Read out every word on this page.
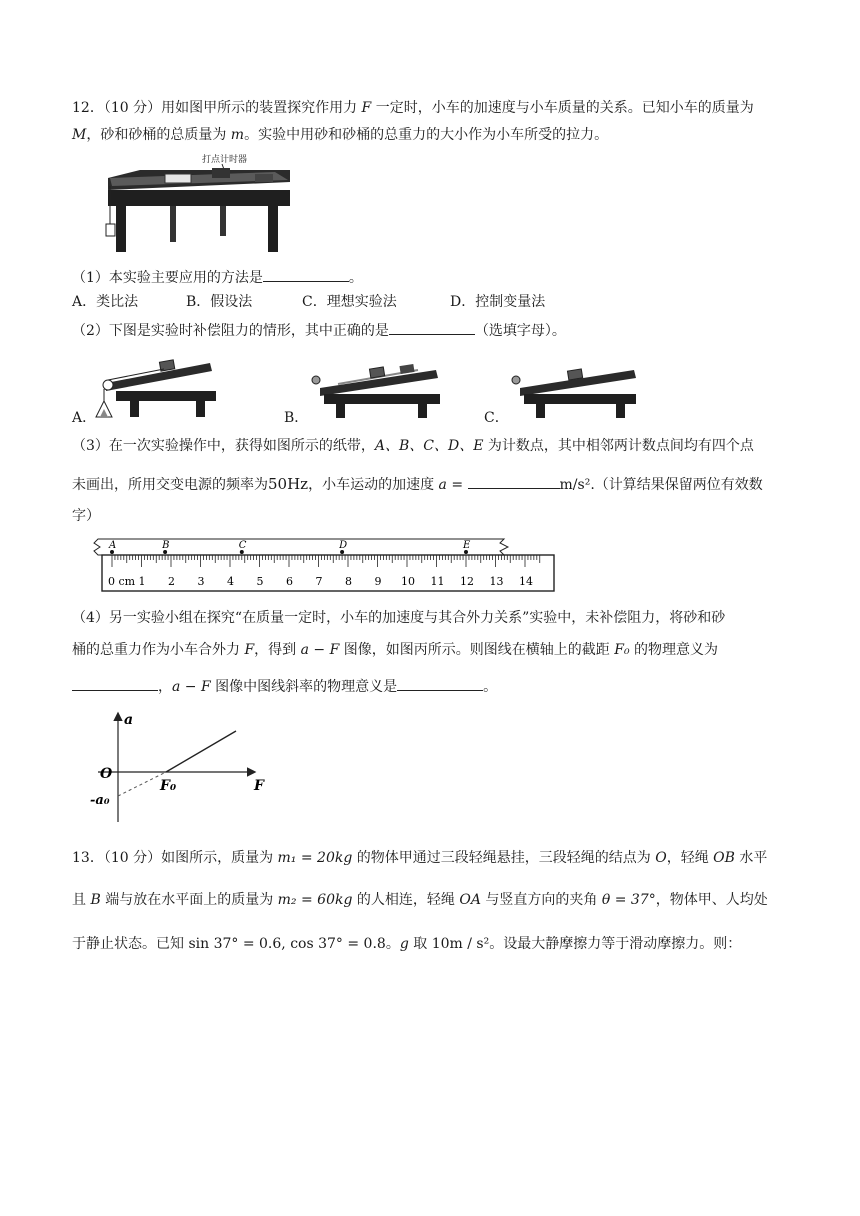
12．（10 分）用如图甲所示的装置探究作用力 F 一定时，小车的加速度与小车质量的关系。已知小车的质量为
M，砂和砂桶的总质量为 m。实验中用砂和砂桶的总重力的大小作为小车所受的拉力。
打点计时器
（1）本实验主要应用的方法是	。
A．类比法	B．假设法	C．理想实验法	D．控制变量法
（2）下图是实验时补偿阻力的情形，其中正确的是	（选填字母）。
A．	B．	C．
（3）在一次实验操作中，获得如图所示的纸带，A、B、C、D、E 为计数点，其中相邻两计数点间均有四个点
未画出，所用交变电源的频率为50Hz，小车运动的加速度 a =	m/s².（计算结果保留两位有效数
字）
A	B	C	D	E
0 cm 1 2 3 4 5 6 7 8 9 10 11 12 13 14
（4）另一实验小组在探究“在质量一定时，小车的加速度与其合外力关系”实验中，未补偿阻力，将砂和砂
桶的总重力作为小车合外力 F，得到 a − F 图像，如图丙所示。则图线在横轴上的截距 F₀ 的物理意义为
，a − F 图像中图线斜率的物理意义是	。
a
O
F
F₀
-a₀
13．（10 分）如图所示，质量为 m₁ = 20kg 的物体甲通过三段轻绳悬挂，三段轻绳的结点为 O，轻绳 OB 水平
且 B 端与放在水平面上的质量为 m₂ = 60kg 的人相连，轻绳 OA 与竖直方向的夹角 θ = 37°，物体甲、人均处
于静止状态。已知 sin 37° = 0.6, cos 37° = 0.8。g 取 10m / s²。设最大静摩擦力等于滑动摩擦力。则：
